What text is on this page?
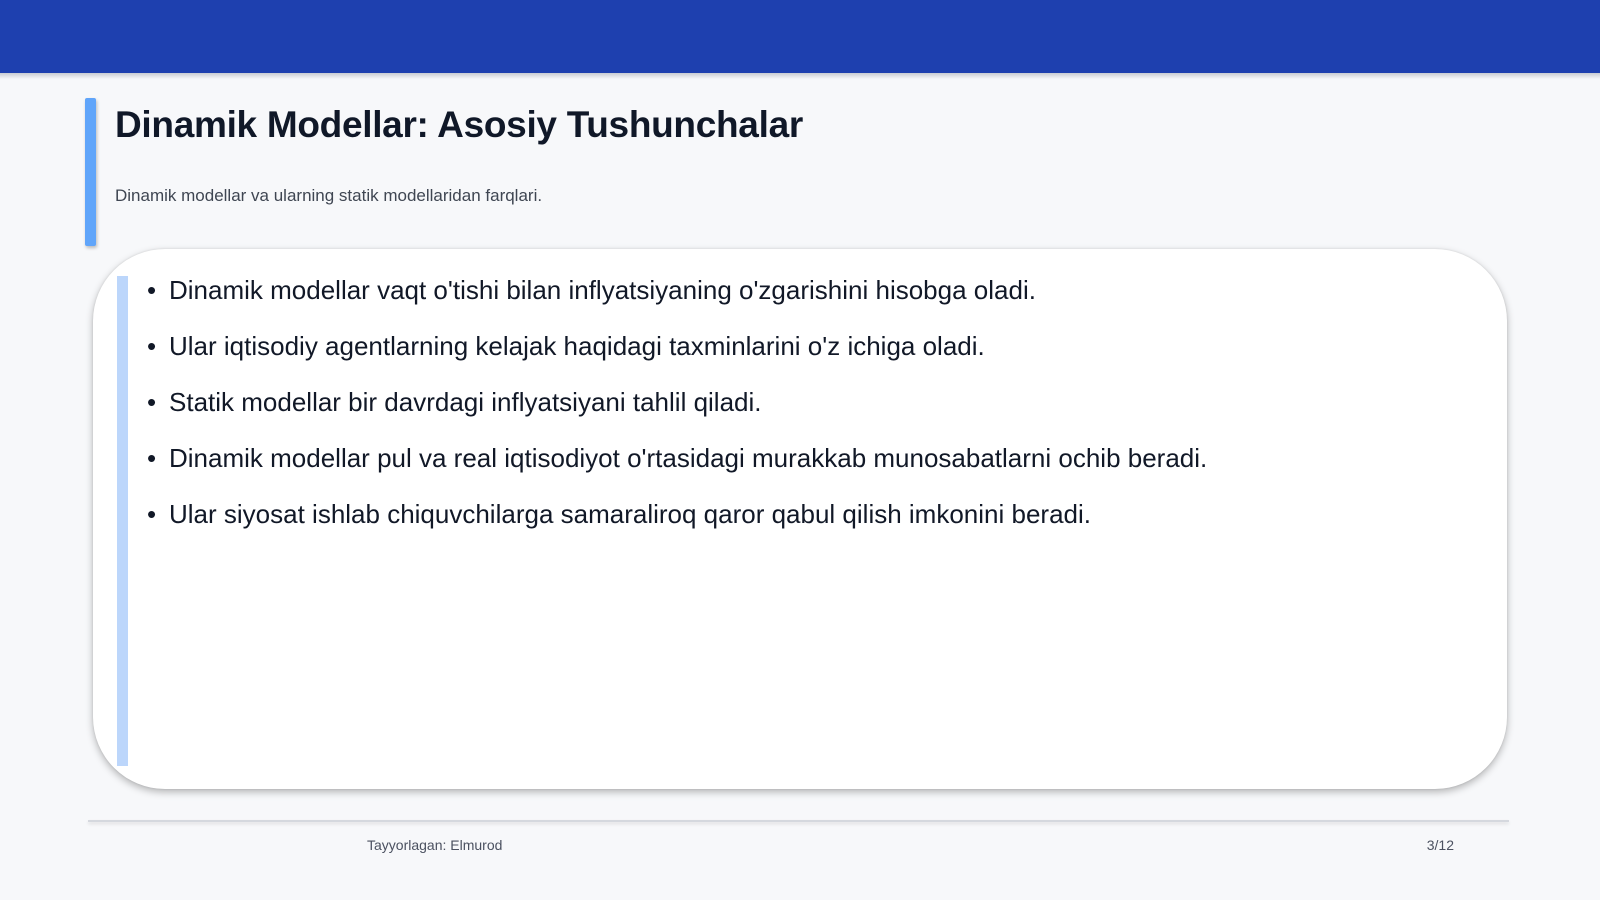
Dinamik Modellar: Asosiy Tushunchalar

Dinamik modellar va ularning statik modellaridan farqlari.

• Dinamik modellar vaqt o'tishi bilan inflyatsiyaning o'zgarishini hisobga oladi.
• Ular iqtisodiy agentlarning kelajak haqidagi taxminlarini o'z ichiga oladi.
• Statik modellar bir davrdagi inflyatsiyani tahlil qiladi.
• Dinamik modellar pul va real iqtisodiyot o'rtasidagi murakkab munosabatlarni ochib beradi.
• Ular siyosat ishlab chiquvchilarga samaraliroq qaror qabul qilish imkonini beradi.
Tayyorlagan: Elmurod	3/12
